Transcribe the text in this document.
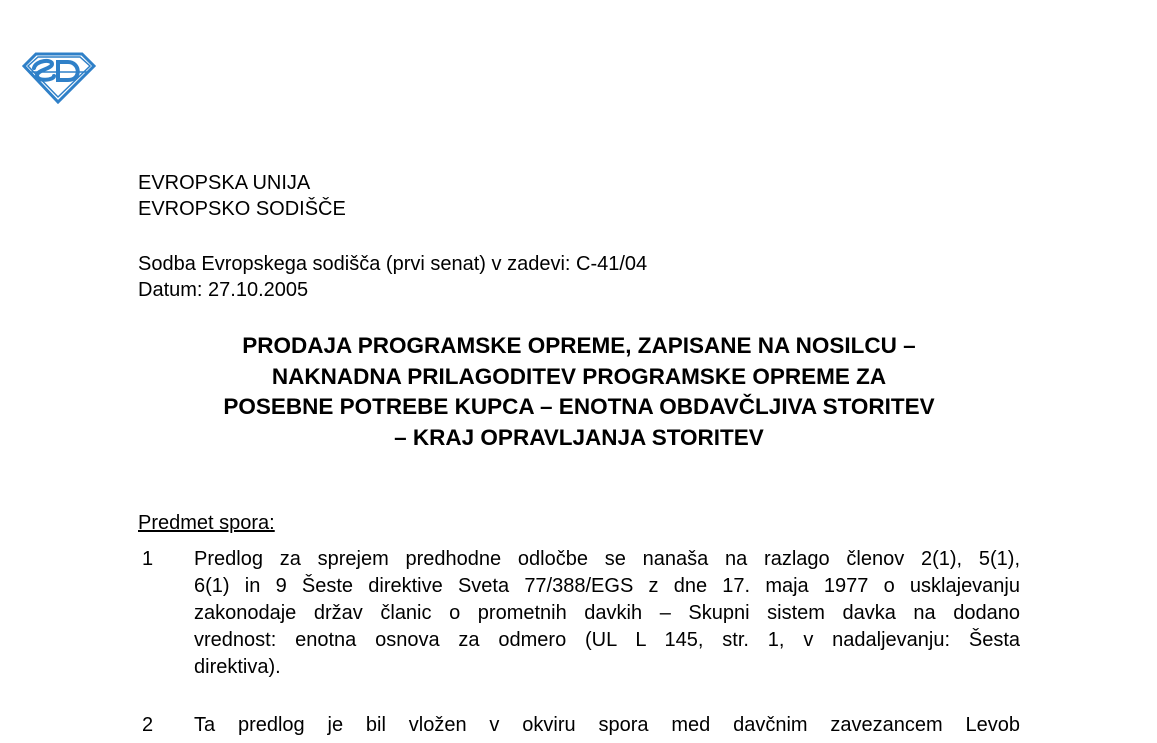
EVROPSKA UNIJA
EVROPSKO SODIŠČE
Sodba Evropskega sodišča (prvi senat) v zadevi: C-41/04
Datum: 27.10.2005
PRODAJA PROGRAMSKE OPREME, ZAPISANE NA NOSILCU –
NAKNADNA PRILAGODITEV PROGRAMSKE OPREME ZA
POSEBNE POTREBE KUPCA – ENOTNA OBDAVČLJIVA STORITEV
– KRAJ OPRAVLJANJA STORITEV
Predmet spora:
1 Predlog za sprejem predhodne odločbe se nanaša na razlago členov 2(1), 5(1),
6(1) in 9 Šeste direktive Sveta 77/388/EGS z dne 17. maja 1977 o usklajevanju
zakonodaje držav članic o prometnih davkih – Skupni sistem davka na dodano
vrednost: enotna osnova za odmero (UL L 145, str. 1, v nadaljevanju: Šesta
direktiva).
2 Ta predlog je bil vložen v okviru spora med davčnim zavezancem Levob
